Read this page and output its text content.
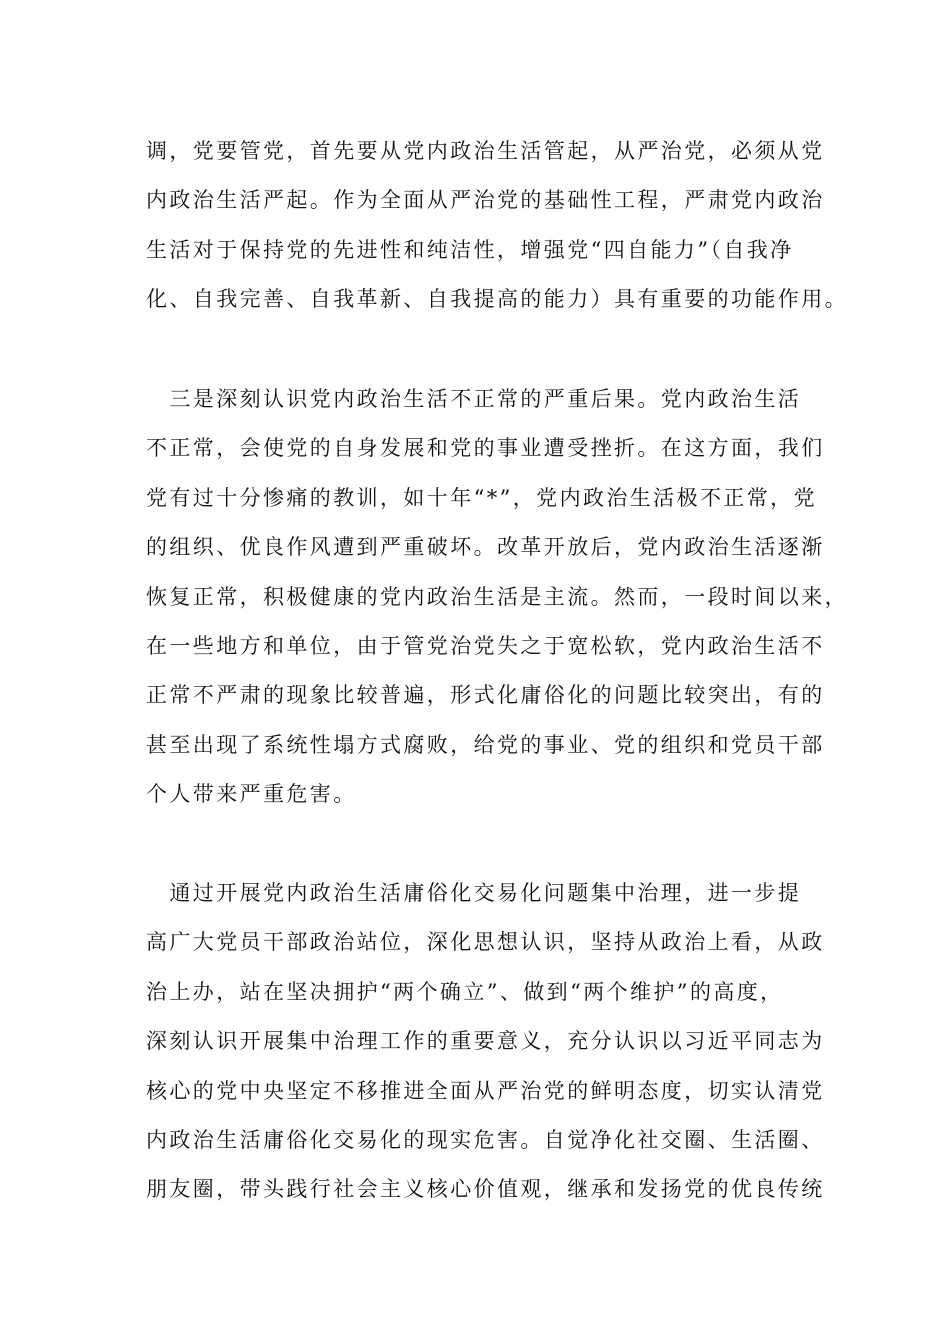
调，党要管党，首先要从党内政治生活管起，从严治党，必须从党
内政治生活严起。作为全面从严治党的基础性工程，严肃党内政治
生活对于保持党的先进性和纯洁性，增强党“四自能力”（自我净
化、自我完善、自我革新、自我提高的能力）具有重要的功能作用。
　三是深刻认识党内政治生活不正常的严重后果。党内政治生活
不正常，会使党的自身发展和党的事业遭受挫折。在这方面，我们
党有过十分惨痛的教训，如十年“*”，党内政治生活极不正常，党
的组织、优良作风遭到严重破坏。改革开放后，党内政治生活逐渐
恢复正常，积极健康的党内政治生活是主流。然而，一段时间以来，
在一些地方和单位，由于管党治党失之于宽松软，党内政治生活不
正常不严肃的现象比较普遍，形式化庸俗化的问题比较突出，有的
甚至出现了系统性塌方式腐败，给党的事业、党的组织和党员干部
个人带来严重危害。
　通过开展党内政治生活庸俗化交易化问题集中治理，进一步提
高广大党员干部政治站位，深化思想认识，坚持从政治上看，从政
治上办，站在坚决拥护“两个确立”、做到“两个维护”的高度，
深刻认识开展集中治理工作的重要意义，充分认识以习近平同志为
核心的党中央坚定不移推进全面从严治党的鲜明态度，切实认清党
内政治生活庸俗化交易化的现实危害。自觉净化社交圈、生活圈、
朋友圈，带头践行社会主义核心价值观，继承和发扬党的优良传统
